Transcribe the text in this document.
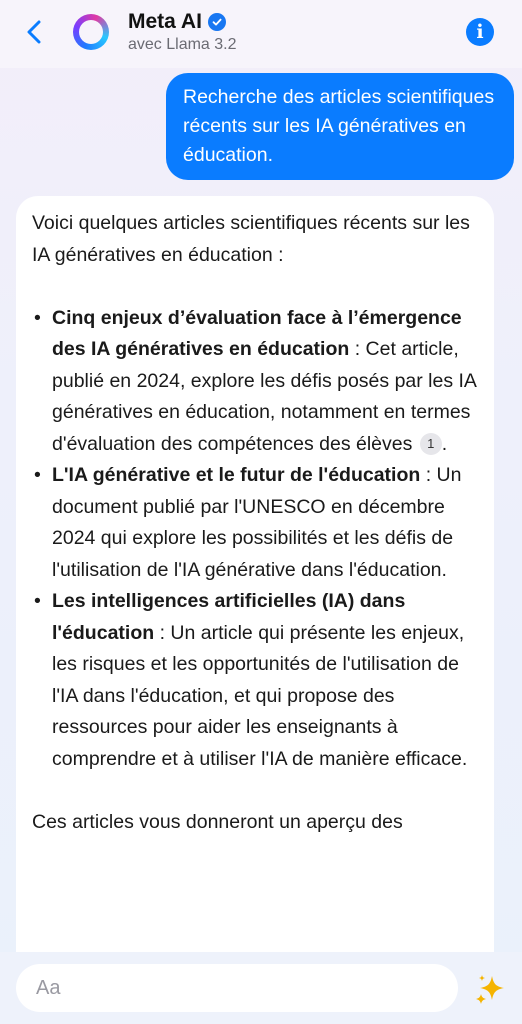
Meta AI
avec Llama 3.2
i
Recherche des articles scientifiques récents sur les IA génératives en éducation.
Voici quelques articles scientifiques récents sur les IA génératives en éducation :
• Cinq enjeux d’évaluation face à l’émergence des IA génératives en éducation : Cet article, publié en 2024, explore les défis posés par les IA génératives en éducation, notamment en termes d'évaluation des compétences des élèves 1 .
• L'IA générative et le futur de l'éducation : Un document publié par l'UNESCO en décembre 2024 qui explore les possibilités et les défis de l'utilisation de l'IA générative dans l'éducation.
• Les intelligences artificielles (IA) dans l'éducation : Un article qui présente les enjeux, les risques et les opportunités de l'utilisation de l'IA dans l'éducation, et qui propose des ressources pour aider les enseignants à comprendre et à utiliser l'IA de manière efficace.
Ces articles vous donneront un aperçu des
Aa
